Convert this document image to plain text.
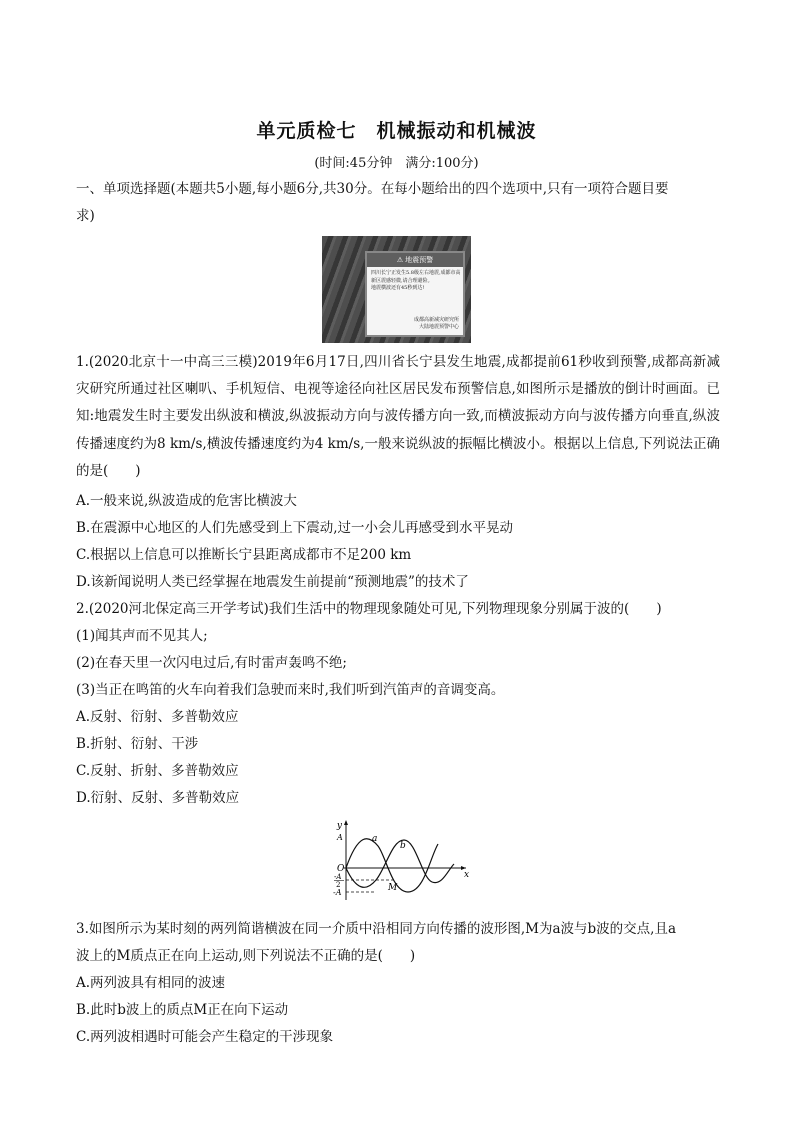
单元质检七　机械振动和机械波
(时间:45分钟　满分:100分)
一、单项选择题(本题共5小题,每小题6分,共30分。在每小题给出的四个选项中,只有一项符合题目要
求)
⚠ 地震预警
四川长宁正发生5.8级左右地震,成都市高新区震感轻微,请合理避险。
地震横波还有45秒到达!
成都高新减灾研究所
大陆地震预警中心
1.(2020北京十一中高三三模)2019年6月17日,四川省长宁县发生地震,成都提前61秒收到预警,成都高新减灾研究所通过社区喇叭、手机短信、电视等途径向社区居民发布预警信息,如图所示是播放的倒计时画面。已知:地震发生时主要发出纵波和横波,纵波振动方向与波传播方向一致,而横波振动方向与波传播方向垂直,纵波传播速度约为8 km/s,横波传播速度约为4 km/s,一般来说纵波的振幅比横波小。根据以上信息,下列说法正确的是(　　)
A.一般来说,纵波造成的危害比横波大
B.在震源中心地区的人们先感受到上下震动,过一小会儿再感受到水平晃动
C.根据以上信息可以推断长宁县距离成都市不足200 km
D.该新闻说明人类已经掌握在地震发生前提前“预测地震”的技术了
2.(2020河北保定高三开学考试)我们生活中的物理现象随处可见,下列物理现象分别属于波的(　　)
(1)闻其声而不见其人;
(2)在春天里一次闪电过后,有时雷声轰鸣不绝;
(3)当正在鸣笛的火车向着我们急驶而来时,我们听到汽笛声的音调变高。
A.反射、衍射、多普勒效应
B.折射、衍射、干涉
C.反射、折射、多普勒效应
D.衍射、反射、多普勒效应
y
x
O
a
b
A
-A
2
-A	M
3.如图所示为某时刻的两列简谐横波在同一介质中沿相同方向传播的波形图,M为a波与b波的交点,且a
波上的M质点正在向上运动,则下列说法不正确的是(　　)
A.两列波具有相同的波速
B.此时b波上的质点M正在向下运动
C.两列波相遇时可能会产生稳定的干涉现象
